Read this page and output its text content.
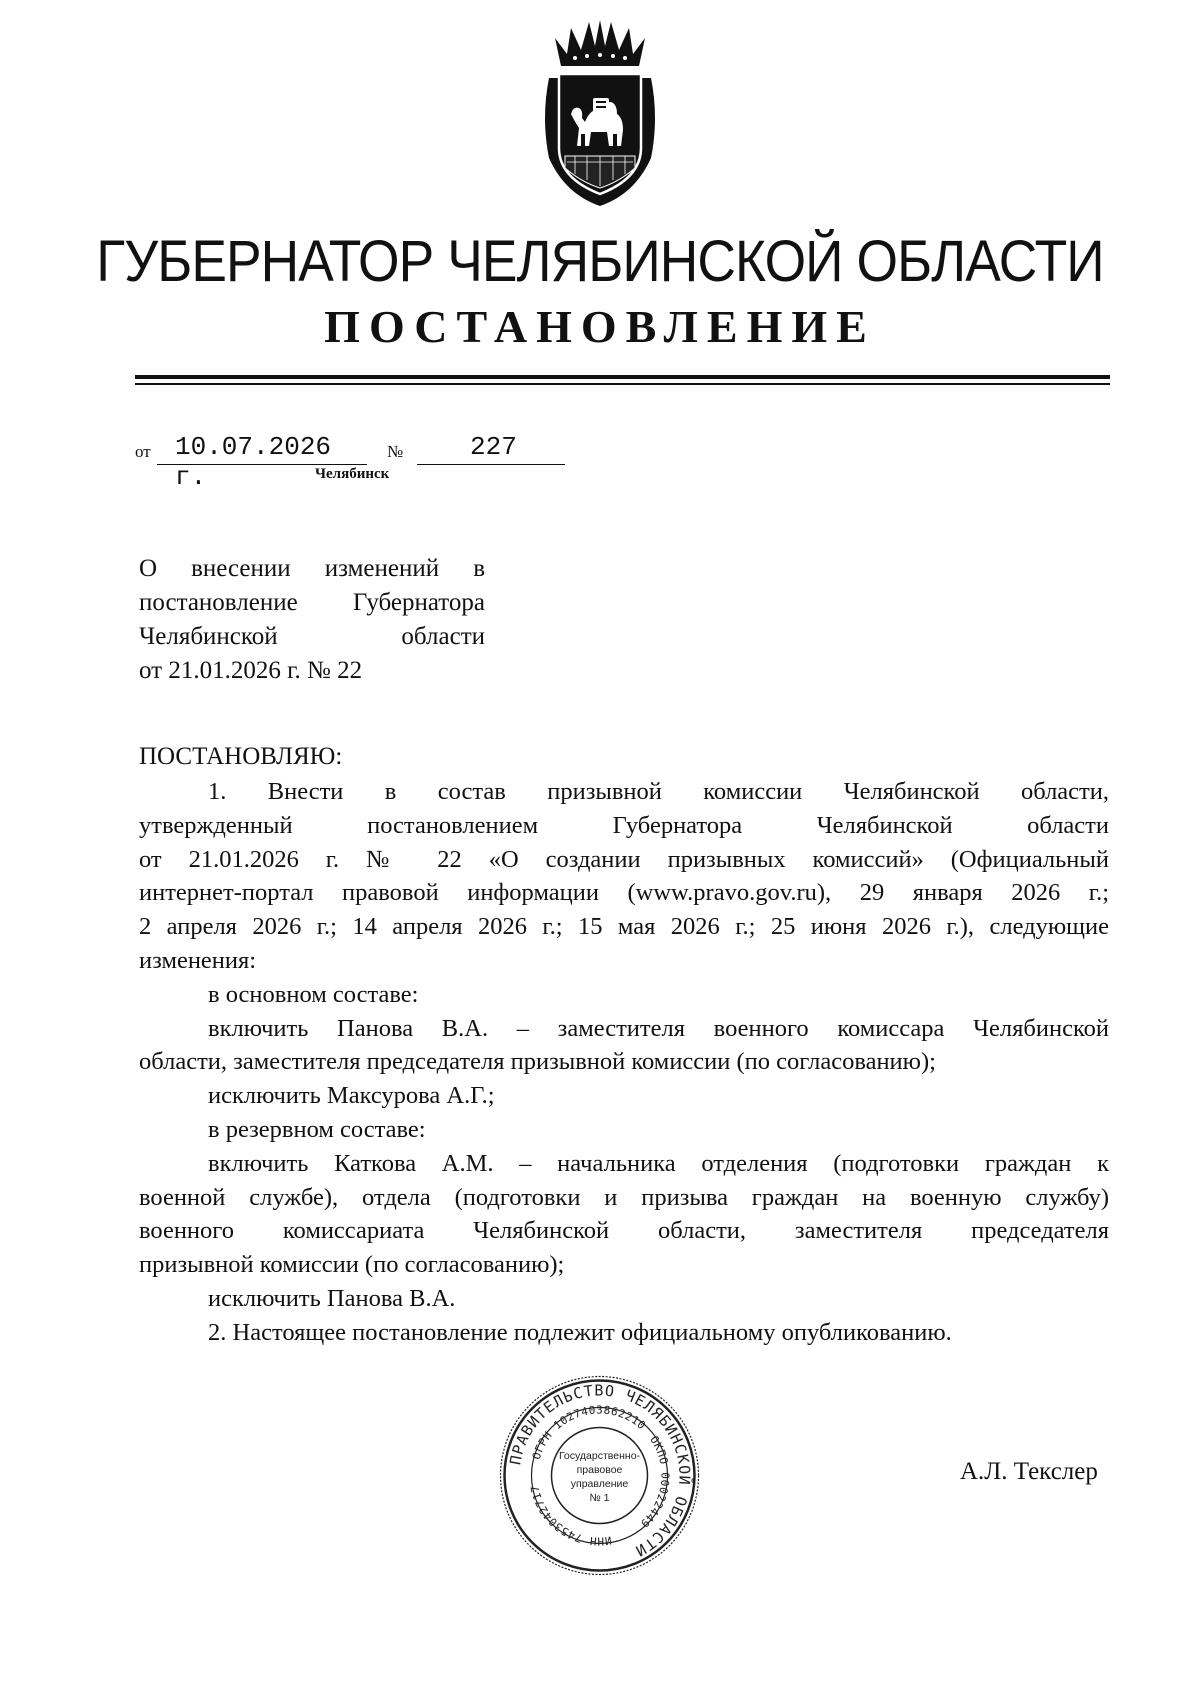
ГУБЕРНАТОР ЧЕЛЯБИНСКОЙ ОБЛАСТИ
ПОСТАНОВЛЕНИЕ
от 10.07.2026 г.
№	227
Челябинск
О внесении изменений в
постановление Губернатора
Челябинской области
от 21.01.2026 г. № 22
ПОСТАНОВЛЯЮ:
1. Внести в состав призывной комиссии Челябинской области,
утвержденный постановлением Губернатора Челябинской области
от 21.01.2026 г. № 22 «О создании призывных комиссий» (Официальный
интернет-портал правовой информации (www.pravo.gov.ru), 29 января 2026 г.;
2 апреля 2026 г.; 14 апреля 2026 г.; 15 мая 2026 г.; 25 июня 2026 г.), следующие
изменения:
в основном составе:
включить Панова В.А. – заместителя военного комиссара Челябинской
области, заместителя председателя призывной комиссии (по согласованию);
исключить Максурова А.Г.;
в резервном составе:
включить Каткова А.М. – начальника отделения (подготовки граждан к
военной службе), отдела (подготовки и призыва граждан на военную службу)
военного комиссариата Челябинской области, заместителя председателя
призывной комиссии (по согласованию);
исключить Панова В.А.
2. Настоящее постановление подлежит официальному опубликованию.
ПРАВИТЕЛЬСТВО ЧЕЛЯБИНСКОЙ ОБЛАСТИ
ОГРН 1027403862210
ОКПО 00022449
ИНН 7453042717
Государственно-
правовое
управление
№ 1
А.Л. Текслер
